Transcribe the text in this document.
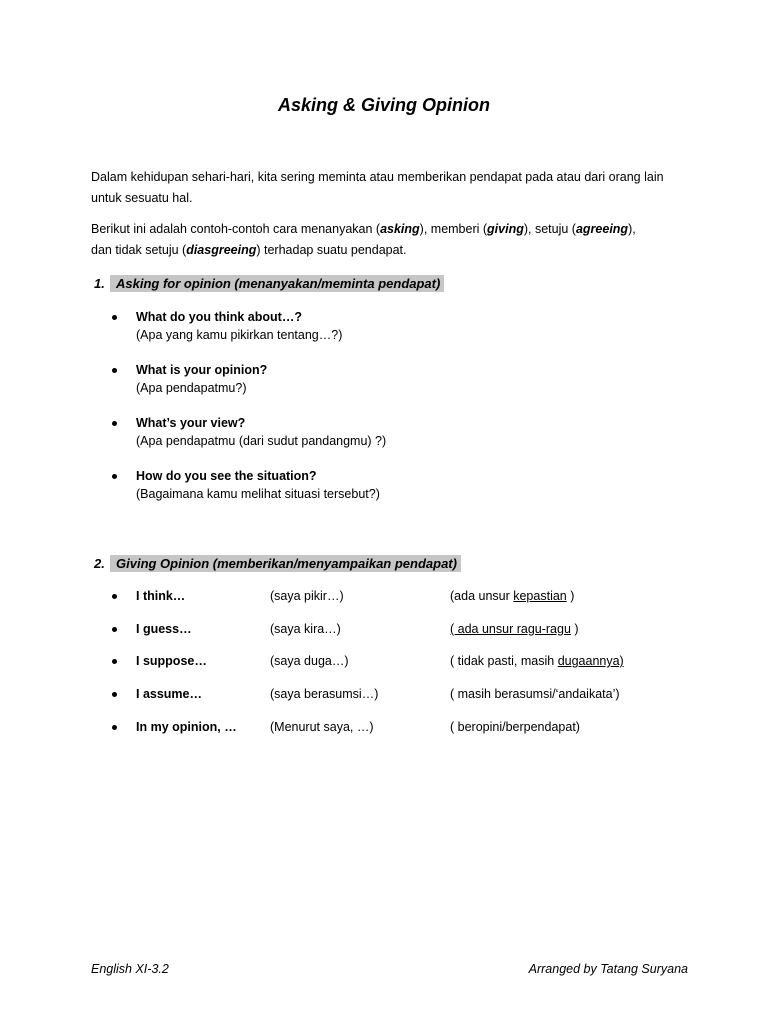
Asking & Giving Opinion
Dalam kehidupan sehari-hari, kita sering meminta atau memberikan pendapat pada atau dari orang lain
untuk sesuatu hal.
Berikut ini adalah contoh-contoh cara menanyakan (asking), memberi (giving), setuju (agreeing),
dan tidak setuju (diasgreeing) terhadap suatu pendapat.
1. Asking for opinion (menanyakan/meminta pendapat)
What do you think about…?
(Apa yang kamu pikirkan tentang…?)
What is your opinion?
(Apa pendapatmu?)
What’s your view?
(Apa pendapatmu (dari sudut pandangmu) ?)
How do you see the situation?
(Bagaimana kamu melihat situasi tersebut?)
2. Giving Opinion (memberikan/menyampaikan pendapat)
I think…	(saya pikir…)	(ada unsur kepastian )
I guess…	(saya kira…)	( ada unsur ragu-ragu )
I suppose…	(saya duga…)	( tidak pasti, masih dugaannya)
I assume…	(saya berasumsi…)	( masih berasumsi/‘andaikata’)
In my opinion, …	(Menurut saya, …)	( beropini/berpendapat)
English XI-3.2	Arranged by Tatang Suryana
